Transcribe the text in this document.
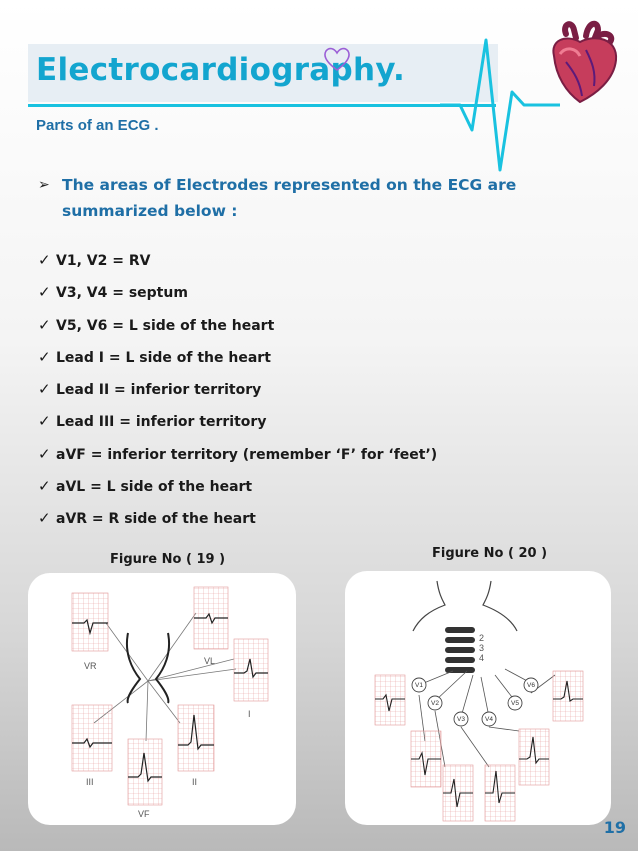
Electrocardiography.
Parts of an ECG .
➢ The areas of Electrodes represented on the ECG are summarized below :
✓ V1, V2 = RV
✓ V3, V4 = septum
✓ V5, V6 = L side of the heart
✓ Lead I = L side of the heart
✓ Lead II = inferior territory
✓ Lead III = inferior territory
✓ aVF = inferior territory (remember ‘F’ for ‘feet’)
✓ aVL = L side of the heart
✓ aVR = R side of the heart
Figure No ( 19 )	Figure No ( 20 )
VR	VL
I
III	II
VF
2
3
4
V1
V2
V3	V4
V5
V6
19
